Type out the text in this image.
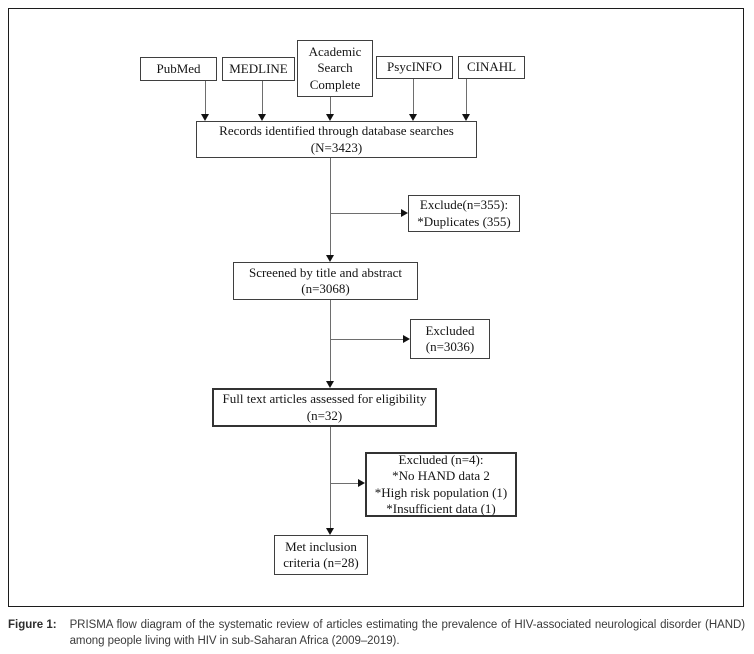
PubMed MEDLINE
Academic Search Complete
PsycINFO CINAHL
Records identified through database searches
(N=3423)
Exclude(n=355):
*Duplicates (355)
Screened by title and abstract
(n=3068)
Excluded
(n=3036)
Full text articles assessed for eligibility
(n=32)
Excluded (n=4):
*No HAND data 2
*High risk population (1)
*Insufficient data (1)
Met inclusion
criteria (n=28)
Figure 1: PRISMA flow diagram of the systematic review of articles estimating the prevalence of HIV-associated neurological disorder (HAND) among people living with HIV in sub-Saharan Africa (2009–2019).
